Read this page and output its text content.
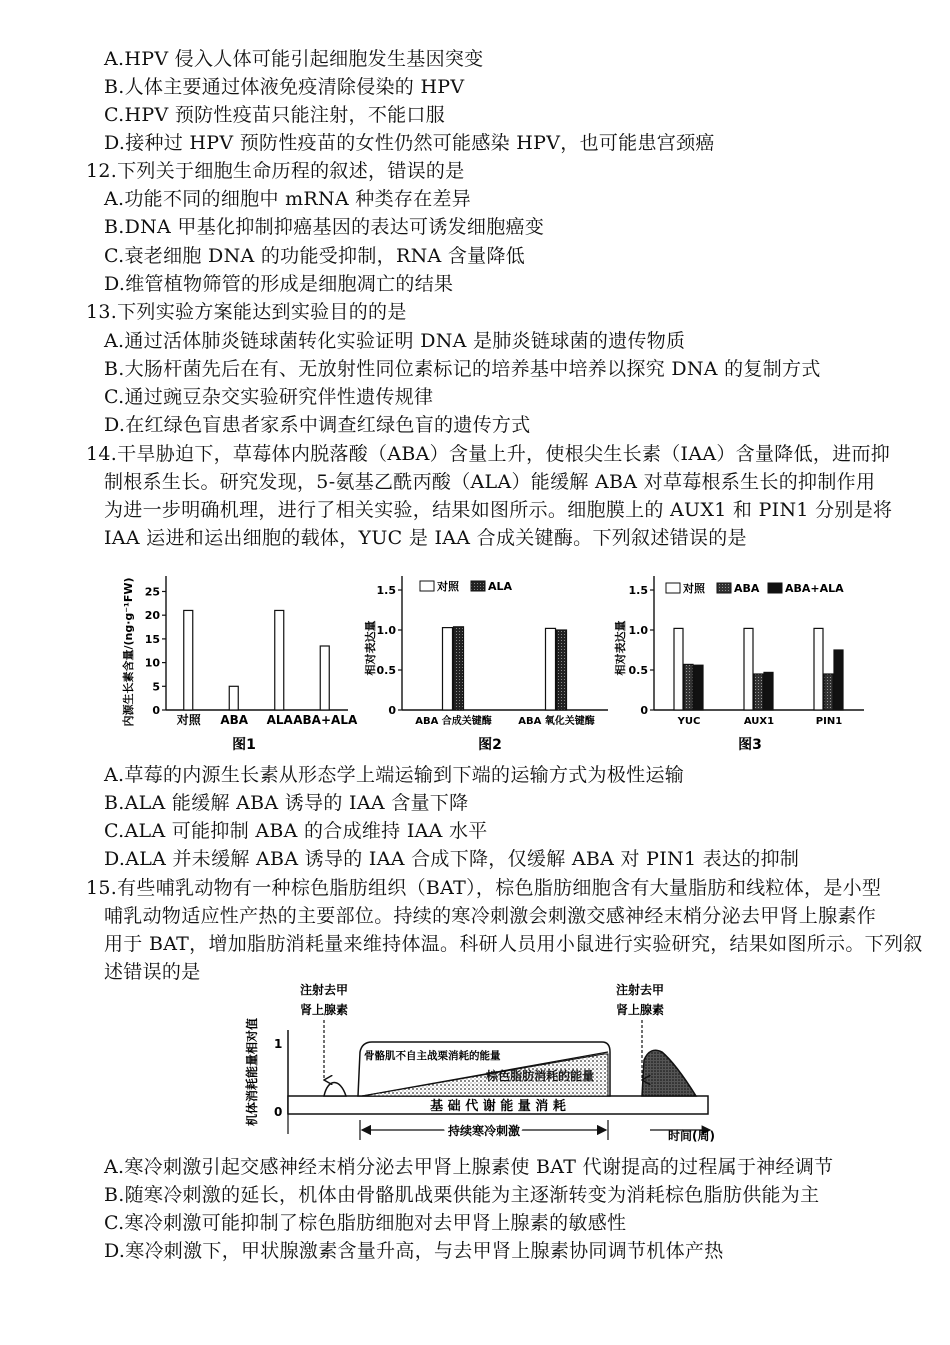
A.HPV 侵入人体可能引起细胞发生基因突变
B.人体主要通过体液免疫清除侵染的 HPV
C.HPV 预防性疫苗只能注射，不能口服
D.接种过 HPV 预防性疫苗的女性仍然可能感染 HPV，也可能患宫颈癌
12.下列关于细胞生命历程的叙述，错误的是
A.功能不同的细胞中 mRNA 种类存在差异
B.DNA 甲基化抑制抑癌基因的表达可诱发细胞癌变
C.衰老细胞 DNA 的功能受抑制，RNA 含量降低
D.维管植物筛管的形成是细胞凋亡的结果
13.下列实验方案能达到实验目的的是
A.通过活体肺炎链球菌转化实验证明 DNA 是肺炎链球菌的遗传物质
B.大肠杆菌先后在有、无放射性同位素标记的培养基中培养以探究 DNA 的复制方式
C.通过豌豆杂交实验研究伴性遗传规律
D.在红绿色盲患者家系中调查红绿色盲的遗传方式
14.干旱胁迫下，草莓体内脱落酸（ABA）含量上升，使根尖生长素（IAA）含量降低，进而抑
制根系生长。研究发现，5-氨基乙酰丙酸（ALA）能缓解 ABA 对草莓根系生长的抑制作用
为进一步明确机理，进行了相关实验，结果如图所示。细胞膜上的 AUX1 和 PIN1 分别是将
IAA 运进和运出细胞的载体，YUC 是 IAA 合成关键酶。下列叙述错误的是
0
5
10
15
20
25
对照 ABA ALA ABA+ALA
内源生长素含量/(ng·g⁻¹FW)
图1
0
0.5
1.0
1.5
ABA 合成关键酶	ABA 氧化关键酶
对照	ALA
相对表达量
图2
0
0.5
1.0
1.5
YUC	AUX1	PIN1
对照	ABA ABA+ALA
相对表达量
图3
A.草莓的内源生长素从形态学上端运输到下端的运输方式为极性运输
B.ALA 能缓解 ABA 诱导的 IAA 含量下降
C.ALA 可能抑制 ABA 的合成维持 IAA 水平
D.ALA 并未缓解 ABA 诱导的 IAA 合成下降，仅缓解 ABA 对 PIN1 表达的抑制
15.有些哺乳动物有一种棕色脂肪组织（BAT），棕色脂肪细胞含有大量脂肪和线粒体，是小型
哺乳动物适应性产热的主要部位。持续的寒冷刺激会刺激交感神经末梢分泌去甲肾上腺素作
用于 BAT，增加脂肪消耗量来维持体温。科研人员用小鼠进行实验研究，结果如图所示。下列叙
述错误的是
机体消耗能量相对值 1
0	基 础 代 谢 能 量 消 耗
骨骼肌不自主战栗消耗的能量
棕色脂肪消耗的能量
注射去甲
肾上腺素
注射去甲
肾上腺素
持续寒冷刺激	时间(周)
A.寒冷刺激引起交感神经末梢分泌去甲肾上腺素使 BAT 代谢提高的过程属于神经调节
B.随寒冷刺激的延长，机体由骨骼肌战栗供能为主逐渐转变为消耗棕色脂肪供能为主
C.寒冷刺激可能抑制了棕色脂肪细胞对去甲肾上腺素的敏感性
D.寒冷刺激下，甲状腺激素含量升高，与去甲肾上腺素协同调节机体产热
